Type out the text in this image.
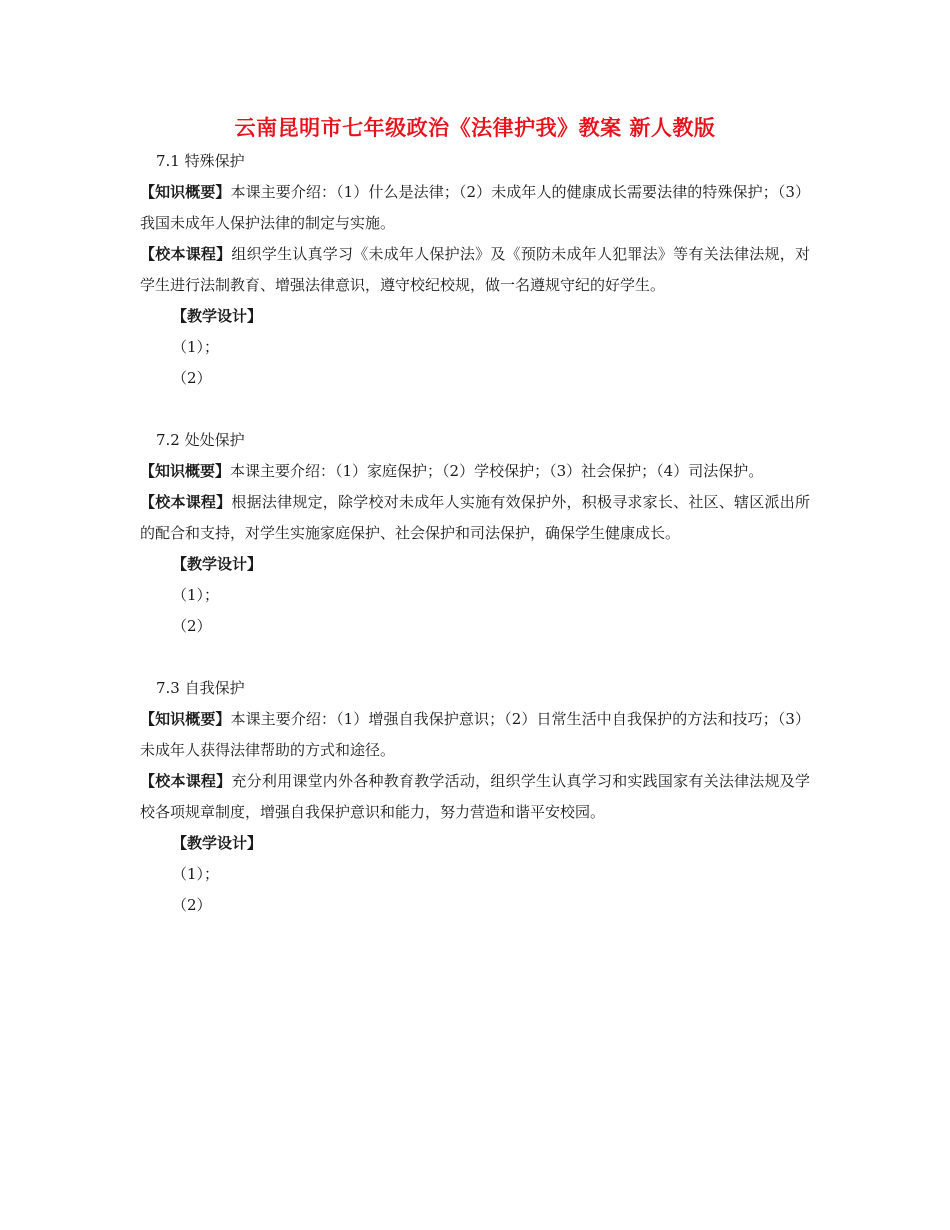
云南昆明市七年级政治《法律护我》教案 新人教版

7.1 特殊保护

【知识概要】本课主要介绍：（1）什么是法律；（2）未成年人的健康成长需要法律的特殊保护；（3）我国未成年人保护法律的制定与实施。

【校本课程】组织学生认真学习《未成年人保护法》及《预防未成年人犯罪法》等有关法律法规，对学生进行法制教育、增强法律意识，遵守校纪校规，做一名遵规守纪的好学生。

【教学设计】

（1）；

（2）

7.2 处处保护

【知识概要】本课主要介绍：（1）家庭保护；（2）学校保护；（3）社会保护；（4）司法保护。

【校本课程】根据法律规定，除学校对未成年人实施有效保护外，积极寻求家长、社区、辖区派出所的配合和支持，对学生实施家庭保护、社会保护和司法保护，确保学生健康成长。

【教学设计】

（1）；

（2）

7.3 自我保护

【知识概要】本课主要介绍：（1）增强自我保护意识；（2）日常生活中自我保护的方法和技巧；（3）未成年人获得法律帮助的方式和途径。

【校本课程】充分利用课堂内外各种教育教学活动，组织学生认真学习和实践国家有关法律法规及学校各项规章制度，增强自我保护意识和能力，努力营造和谐平安校园。

【教学设计】

（1）；

（2）
